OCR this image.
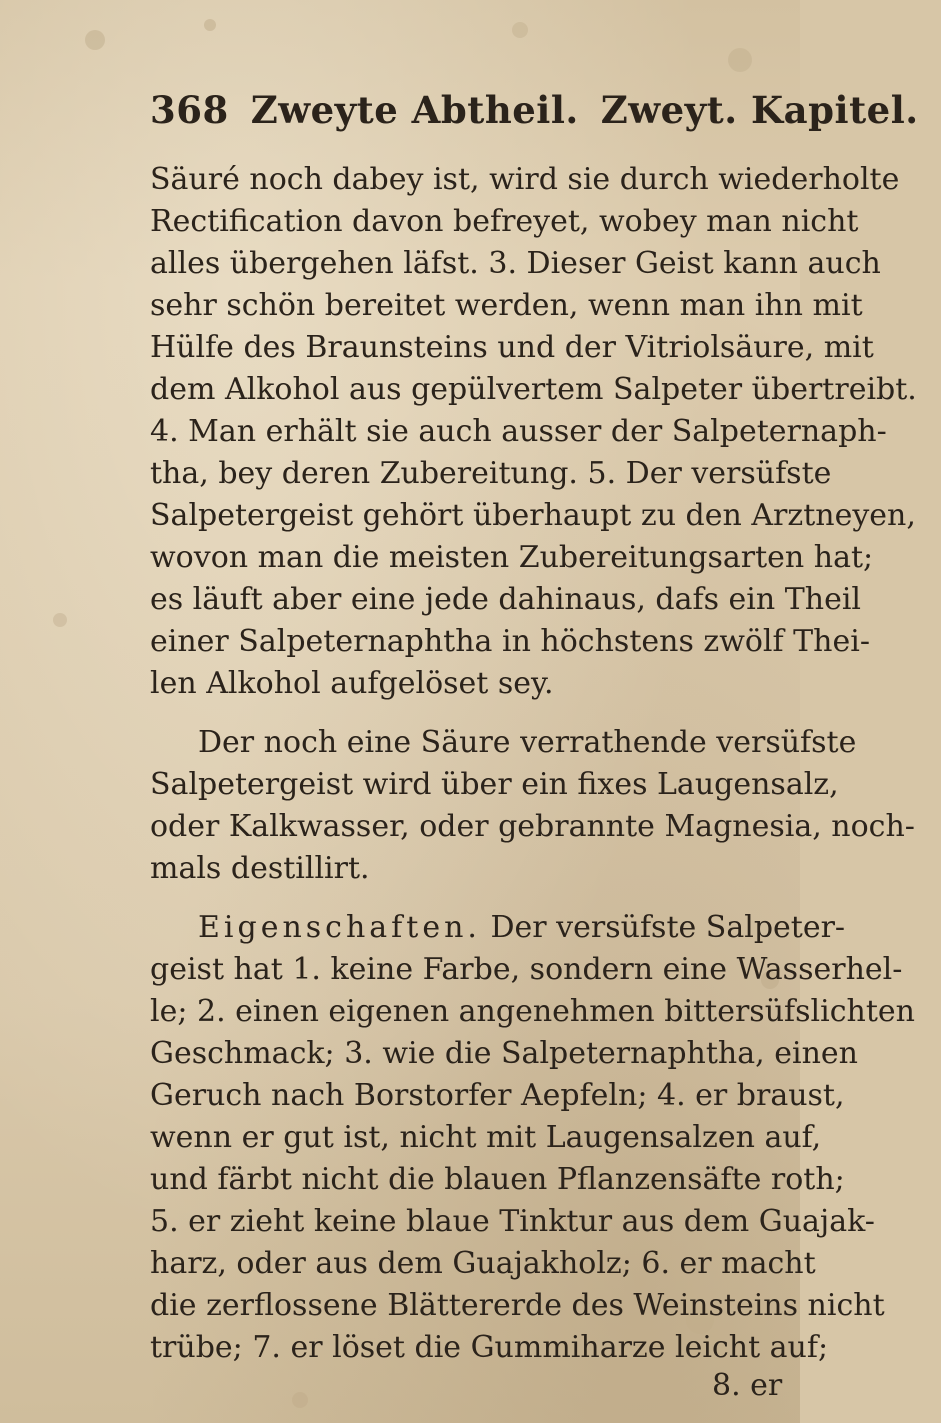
368 Zweyte Abtheil. Zweyt. Kapitel.
Säuré noch dabey ist, wird sie durch wiederholte
Rectification davon befreyet, wobey man nicht
alles übergehen läfst. 3. Dieser Geist kann auch
sehr schön bereitet werden, wenn man ihn mit
Hülfe des Braunsteins und der Vitriolsäure, mit
dem Alkohol aus gepülvertem Salpeter übertreibt.
4. Man erhält sie auch ausser der Salpeternaph-
tha, bey deren Zubereitung. 5. Der versüfste
Salpetergeist gehört überhaupt zu den Arztneyen,
wovon man die meisten Zubereitungsarten hat;
es läuft aber eine jede dahinaus, dafs ein Theil
einer Salpeternaphtha in höchstens zwölf Thei-
len Alkohol aufgelöset sey.
Der noch eine Säure verrathende versüfste
Salpetergeist wird über ein fixes Laugensalz,
oder Kalkwasser, oder gebrannte Magnesia, noch-
mals destillirt.
Eigenschaften. Der versüfste Salpeter-
geist hat 1. keine Farbe, sondern eine Wasserhel-
le; 2. einen eigenen angenehmen bittersüfslichten
Geschmack; 3. wie die Salpeternaphtha, einen
Geruch nach Borstorfer Aepfeln; 4. er braust,
wenn er gut ist, nicht mit Laugensalzen auf,
und färbt nicht die blauen Pflanzensäfte roth;
5. er zieht keine blaue Tinktur aus dem Guajak-
harz, oder aus dem Guajakholz; 6. er macht
die zerflossene Blättererde des Weinsteins nicht
trübe; 7. er löset die Gummiharze leicht auf;
8. er
